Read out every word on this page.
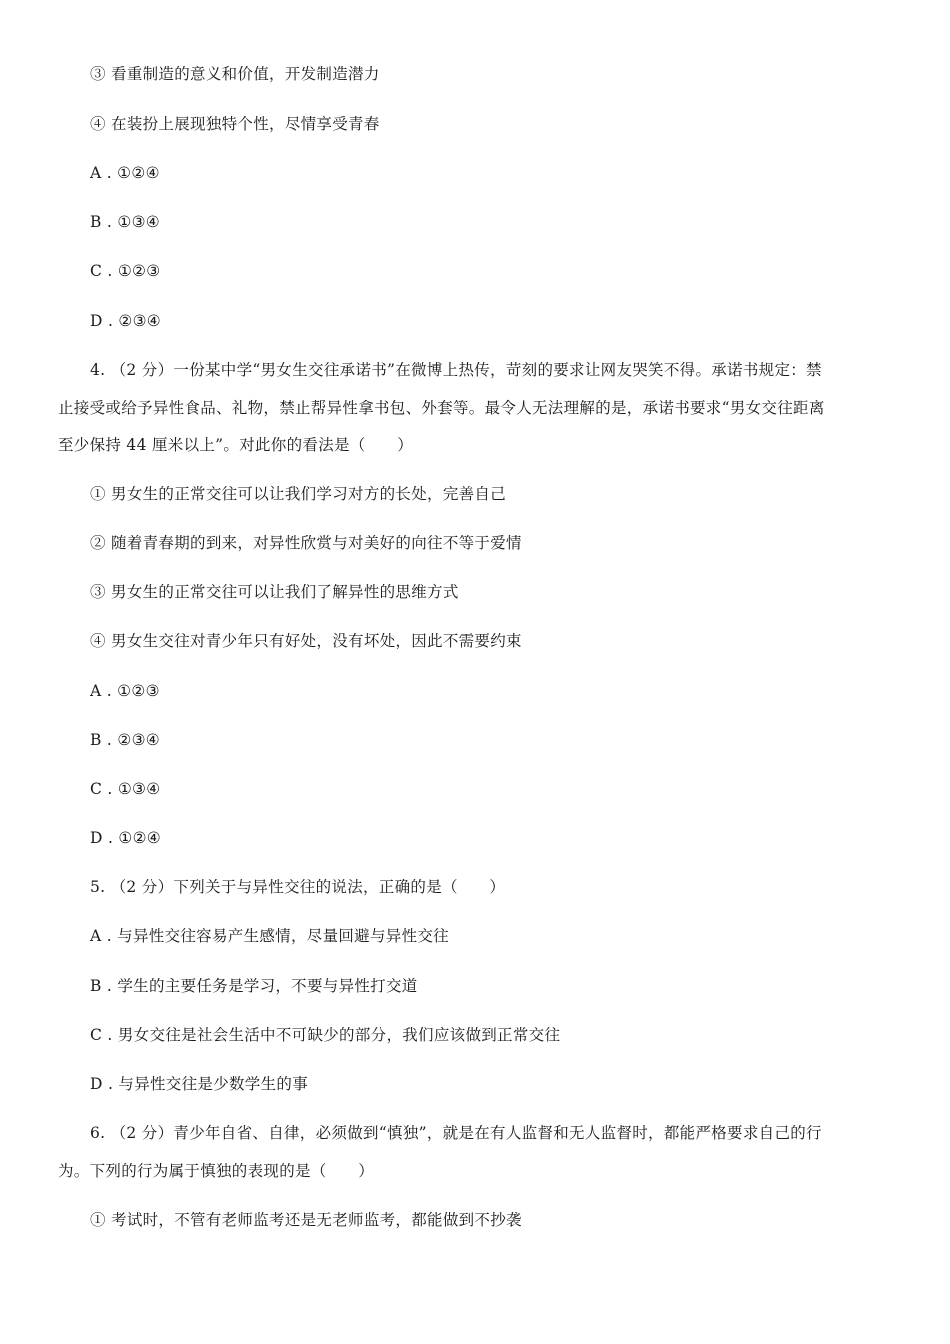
③ 看重制造的意义和价值，开发制造潜力
④ 在装扮上展现独特个性，尽情享受青春
A . ①②④
B . ①③④
C . ①②③
D . ②③④
4. （2 分）一份某中学“男女生交往承诺书”在微博上热传，苛刻的要求让网友哭笑不得。承诺书规定：禁
止接受或给予异性食品、礼物，禁止帮异性拿书包、外套等。最令人无法理解的是，承诺书要求“男女交往距离
至少保持 44 厘米以上”。对此你的看法是（　　）
① 男女生的正常交往可以让我们学习对方的长处，完善自己
② 随着青春期的到来，对异性欣赏与对美好的向往不等于爱情
③ 男女生的正常交往可以让我们了解异性的思维方式
④ 男女生交往对青少年只有好处，没有坏处，因此不需要约束
A . ①②③
B . ②③④
C . ①③④
D . ①②④
5. （2 分）下列关于与异性交往的说法，正确的是（　　）
A . 与异性交往容易产生感情，尽量回避与异性交往
B . 学生的主要任务是学习，不要与异性打交道
C . 男女交往是社会生活中不可缺少的部分，我们应该做到正常交往
D . 与异性交往是少数学生的事
6. （2 分）青少年自省、自律，必须做到“慎独”，就是在有人监督和无人监督时，都能严格要求自己的行
为。下列的行为属于慎独的表现的是（　　）
① 考试时，不管有老师监考还是无老师监考，都能做到不抄袭
